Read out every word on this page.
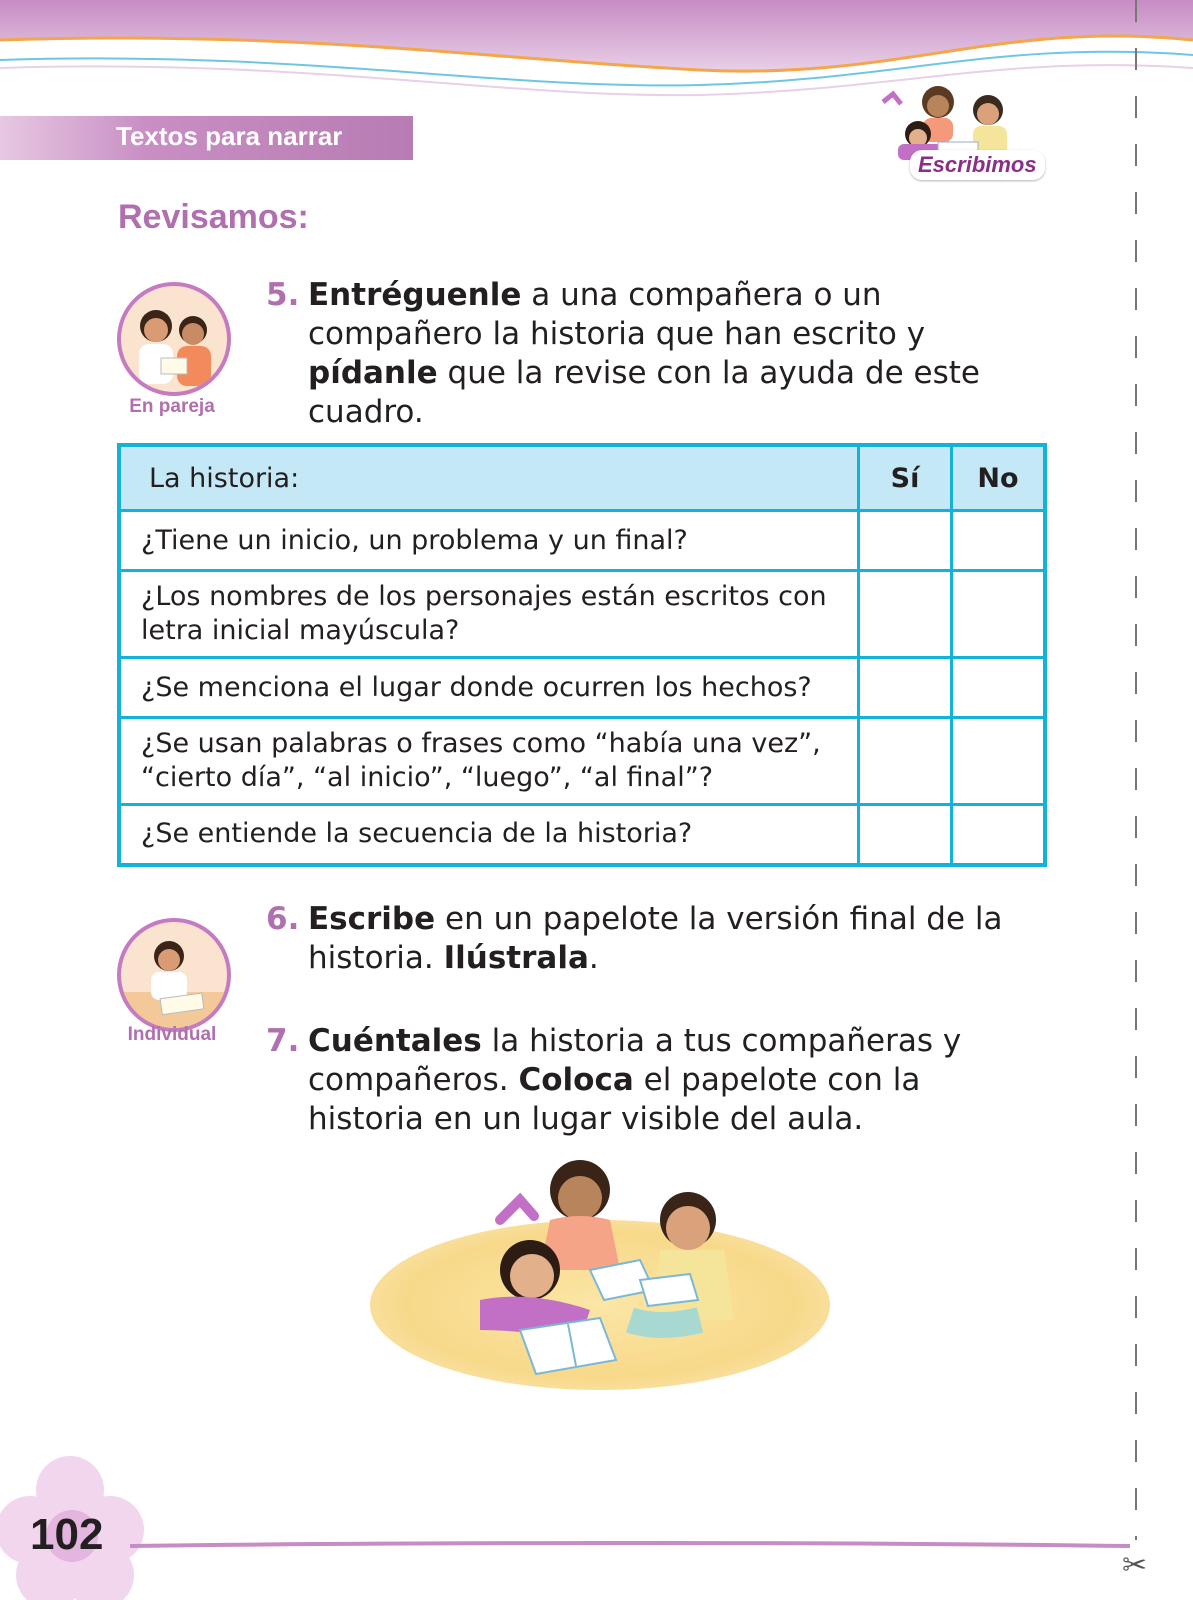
Textos para narrar
Escribimos
✂
Revisamos:
En pareja
5. Entréguenle a una compañera o un compañero la historia que han escrito y pídanle que la revise con la ayuda de este cuadro.
La historia:	Sí	No
¿Tiene un inicio, un problema y un final?		
¿Los nombres de los personajes están escritos con letra inicial mayúscula?		
¿Se menciona el lugar donde ocurren los hechos?		
¿Se usan palabras o frases como “había una vez”, “cierto día”, “al inicio”, “luego”, “al final”?		
¿Se entiende la secuencia de la historia?		
Individual
6. Escribe en un papelote la versión final de la historia. Ilústrala.
7. Cuéntales la historia a tus compañeras y compañeros. Coloca el papelote con la historia en un lugar visible del aula.
102
